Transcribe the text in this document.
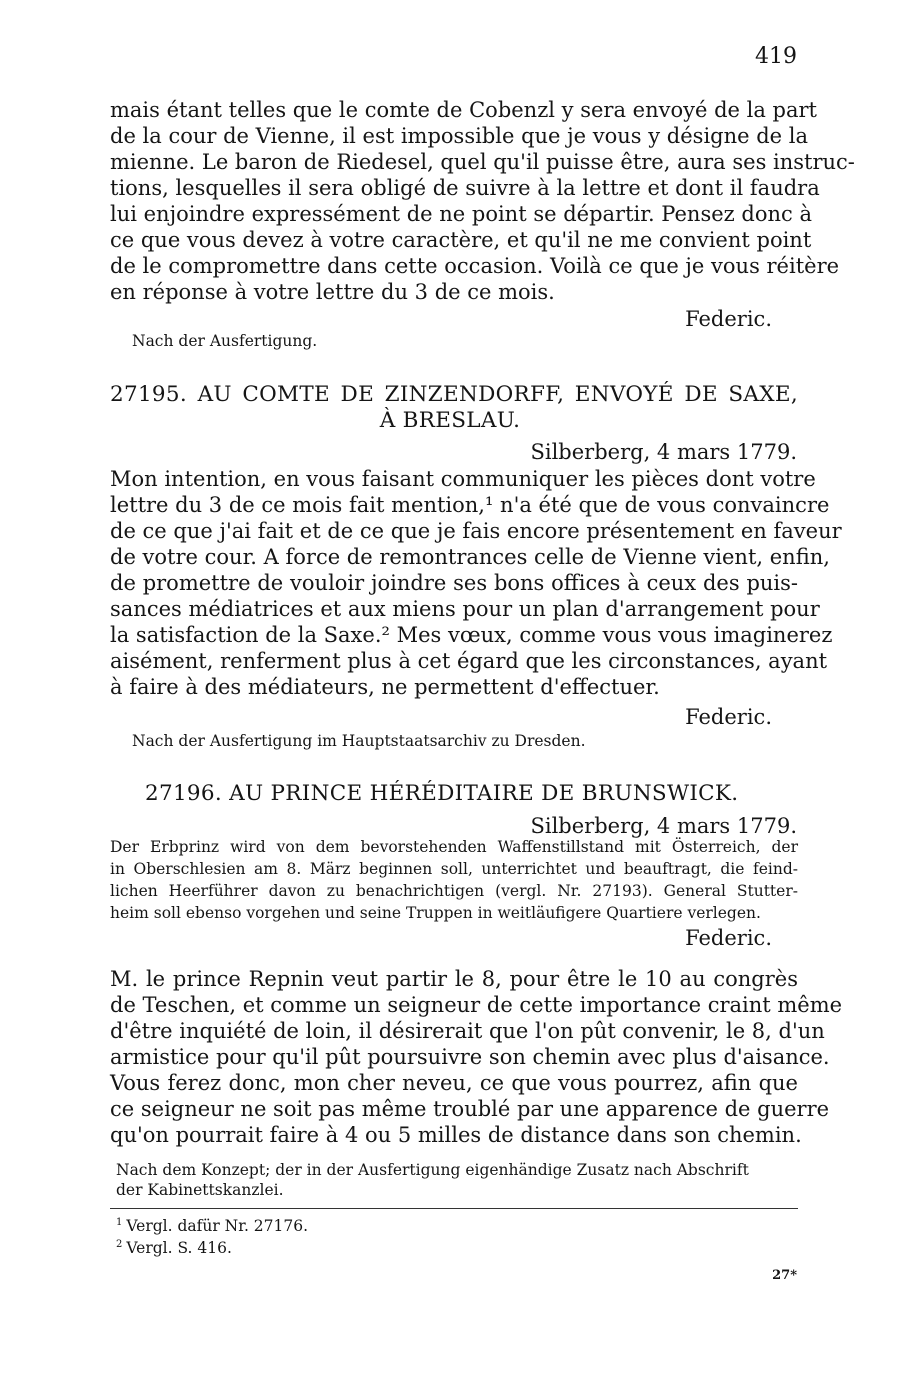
419
mais étant telles que le comte de Cobenzl y sera envoyé de la part
de la cour de Vienne, il est impossible que je vous y désigne de la
mienne. Le baron de Riedesel, quel qu'il puisse être, aura ses instruc-
tions, lesquelles il sera obligé de suivre à la lettre et dont il faudra
lui enjoindre expressément de ne point se départir. Pensez donc à
ce que vous devez à votre caractère, et qu'il ne me convient point
de le compromettre dans cette occasion. Voilà ce que je vous réitère
en réponse à votre lettre du 3 de ce mois.
Federic.
Nach der Ausfertigung.
27195. AU COMTE DE ZINZENDORFF, ENVOYÉ DE SAXE,
À BRESLAU.
Silberberg, 4 mars 1779.
Mon intention, en vous faisant communiquer les pièces dont votre
lettre du 3 de ce mois fait mention,¹ n'a été que de vous convaincre
de ce que j'ai fait et de ce que je fais encore présentement en faveur
de votre cour. A force de remontrances celle de Vienne vient, enfin,
de promettre de vouloir joindre ses bons offices à ceux des puis-
sances médiatrices et aux miens pour un plan d'arrangement pour
la satisfaction de la Saxe.² Mes vœux, comme vous vous imaginerez
aisément, renferment plus à cet égard que les circonstances, ayant
à faire à des médiateurs, ne permettent d'effectuer.
Federic.
Nach der Ausfertigung im Hauptstaatsarchiv zu Dresden.
27196. AU PRINCE HÉRÉDITAIRE DE BRUNSWICK.
Silberberg, 4 mars 1779.
Der Erbprinz wird von dem bevorstehenden Waffenstillstand mit Österreich, der
in Oberschlesien am 8. März beginnen soll, unterrichtet und beauftragt, die feind-
lichen Heerführer davon zu benachrichtigen (vergl. Nr. 27193). General Stutter-
heim soll ebenso vorgehen und seine Truppen in weitläufigere Quartiere verlegen.
Federic.
M. le prince Repnin veut partir le 8, pour être le 10 au congrès
de Teschen, et comme un seigneur de cette importance craint même
d'être inquiété de loin, il désirerait que l'on pût convenir, le 8, d'un
armistice pour qu'il pût poursuivre son chemin avec plus d'aisance.
Vous ferez donc, mon cher neveu, ce que vous pourrez, afin que
ce seigneur ne soit pas même troublé par une apparence de guerre
qu'on pourrait faire à 4 ou 5 milles de distance dans son chemin.
Nach dem Konzept; der in der Ausfertigung eigenhändige Zusatz nach Abschrift
der Kabinettskanzlei.
$^1$ Vergl. dafür Nr. 27176.
$^2$ Vergl. S. 416.
27*
